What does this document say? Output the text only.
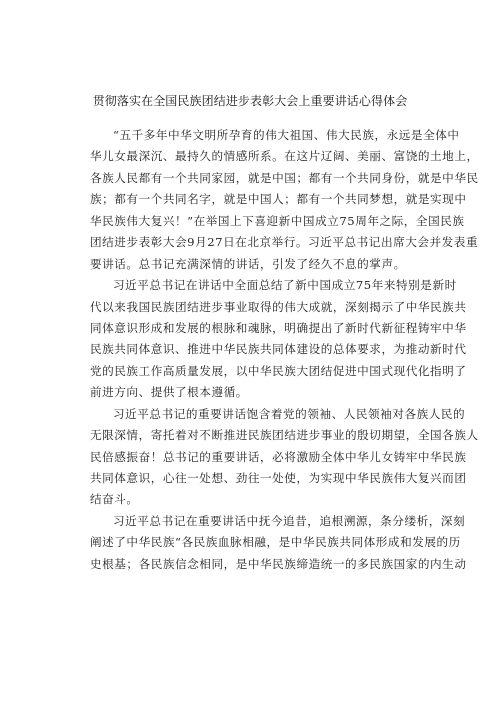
贯彻落实在全国民族团结进步表彰大会上重要讲话心得体会
“五千多年中华文明所孕育的伟大祖国、伟大民族，永远是全体中
华儿女最深沉、最持久的情感所系。在这片辽阔、美丽、富饶的土地上，
各族人民都有一个共同家园，就是中国；都有一个共同身份，就是中华民
族；都有一个共同名字，就是中国人；都有一个共同梦想，就是实现中
华民族伟大复兴！”在举国上下喜迎新中国成立75周年之际，全国民族
团结进步表彰大会9月27日在北京举行。习近平总书记出席大会并发表重
要讲话。总书记充满深情的讲话，引发了经久不息的掌声。
习近平总书记在讲话中全面总结了新中国成立75年来特别是新时
代以来我国民族团结进步事业取得的伟大成就，深刻揭示了中华民族共
同体意识形成和发展的根脉和魂脉，明确提出了新时代新征程铸牢中华
民族共同体意识、推进中华民族共同体建设的总体要求，为推动新时代
党的民族工作高质量发展，以中华民族大团结促进中国式现代化指明了
前进方向、提供了根本遵循。
习近平总书记的重要讲话饱含着党的领袖、人民领袖对各族人民的
无限深情，寄托着对不断推进民族团结进步事业的殷切期望，全国各族人
民倍感振奋！总书记的重要讲话，必将激励全体中华儿女铸牢中华民族
共同体意识，心往一处想、劲往一处使，为实现中华民族伟大复兴而团
结奋斗。
习近平总书记在重要讲话中抚今追昔，追根溯源，条分缕析，深刻
阐述了中华民族“各民族血脉相融，是中华民族共同体形成和发展的历
史根基；各民族信念相同，是中华民族缔造统一的多民族国家的内生动
